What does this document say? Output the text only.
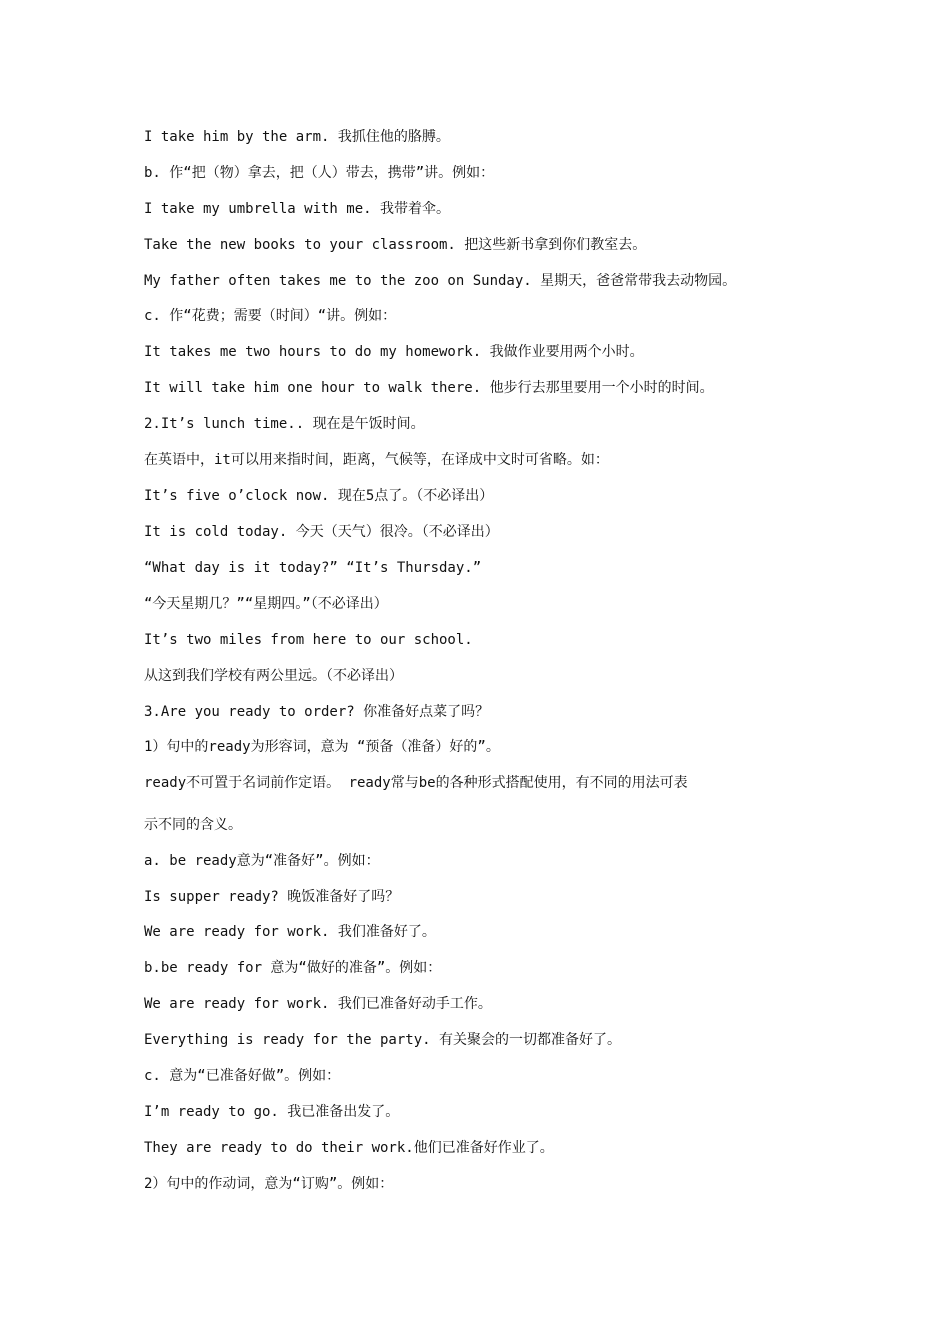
I take him by the arm. 我抓住他的胳膊。
b. 作“把（物）拿去，把（人）带去，携带”讲。例如：
I take my umbrella with me. 我带着伞。
Take the new books to your classroom. 把这些新书拿到你们教室去。
My father often takes me to the zoo on Sunday. 星期天，爸爸常带我去动物园。
c. 作“花费；需要（时间）“讲。例如：
It takes me two hours to do my homework. 我做作业要用两个小时。
It will take him one hour to walk there. 他步行去那里要用一个小时的时间。
2.It’s lunch time.. 现在是午饭时间。
在英语中，it可以用来指时间，距离，气候等，在译成中文时可省略。如：
It’s five o’clock now. 现在5点了。（不必译出）
It is cold today. 今天（天气）很冷。（不必译出）
“What day is it today?” “It’s Thursday.”
“今天星期几？”“星期四。”（不必译出）
It’s two miles from here to our school.
从这到我们学校有两公里远。（不必译出）
3.Are you ready to order? 你准备好点菜了吗？
1）句中的ready为形容词，意为 “预备（准备）好的”。
ready不可置于名词前作定语。 ready常与be的各种形式搭配使用，有不同的用法可表
示不同的含义。
a. be ready意为“准备好”。例如：
Is supper ready? 晚饭准备好了吗？
We are ready for work. 我们准备好了。
b.be ready for 意为“做好的准备”。例如：
We are ready for work. 我们已准备好动手工作。
Everything is ready for the party. 有关聚会的一切都准备好了。
c. 意为“已准备好做”。例如：
I’m ready to go. 我已准备出发了。
They are ready to do their work.他们已准备好作业了。
2）句中的作动词，意为“订购”。例如：
